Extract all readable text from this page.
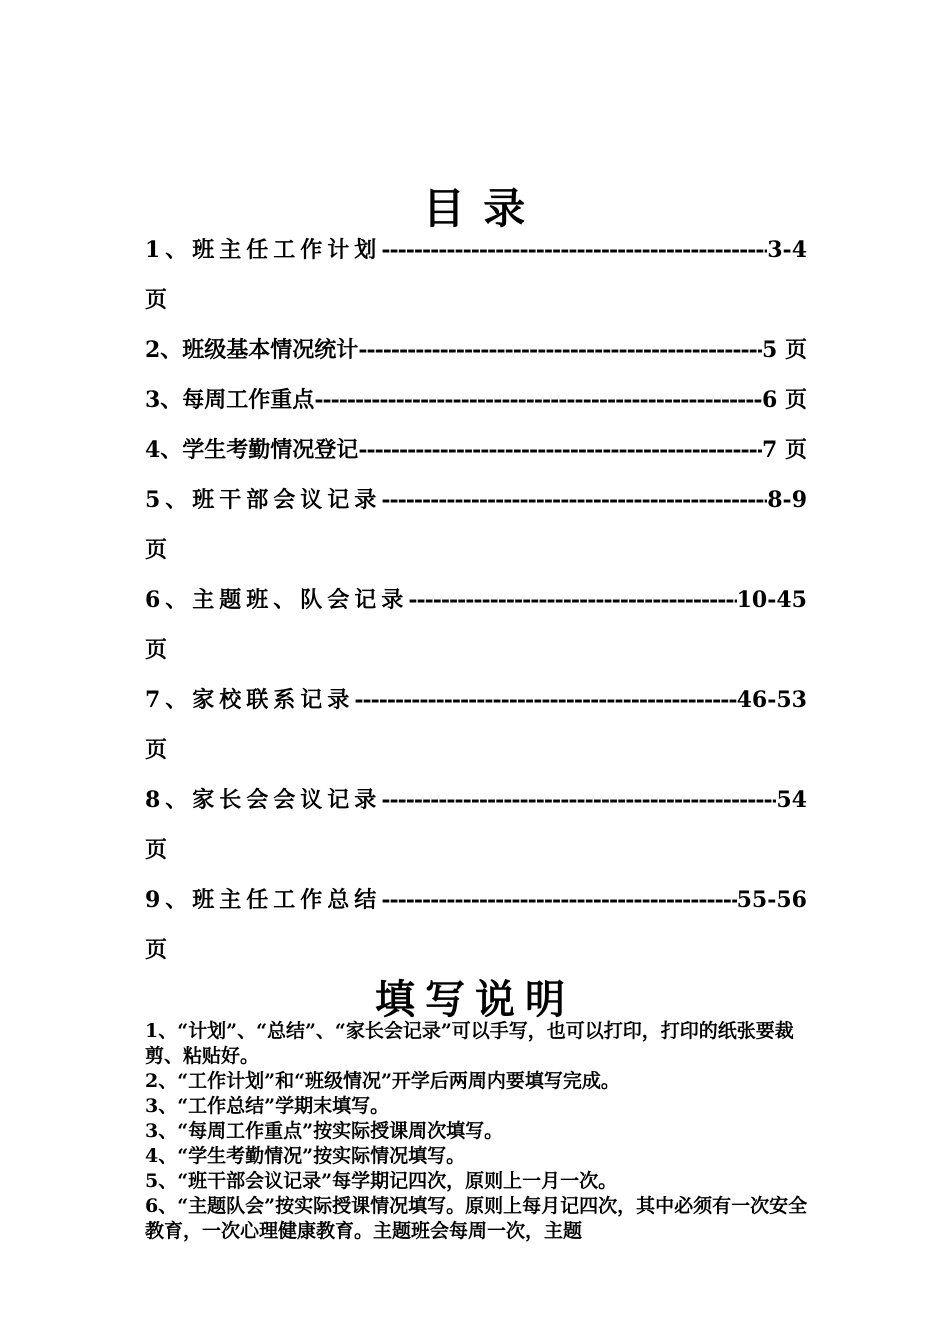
目 录
1、班主任工作计划 -----	3-4
页
2、班级基本情况统计 -----	5 页
3、每周工作重点 -----	6 页
4、学生考勤情况登记 -----	7 页
5、班干部会议记录 -----	8-9
页
6、主题班、队会记录 -----	10-45
页
7、家校联系记录 -----	46-53
页
8、家长会会议记录 -----	54
页
9、班主任工作总结 -----	55-56
页
填写说明
1、“计划”、“总结”、“家长会记录”可以手写，也可以打印，打印的纸张要裁剪、粘贴好。
2、“工作计划”和“班级情况”开学后两周内要填写完成。
3、“工作总结”学期末填写。
3、“每周工作重点”按实际授课周次填写。
4、“学生考勤情况”按实际情况填写。
5、“班干部会议记录”每学期记四次，原则上一月一次。
6、“主题队会”按实际授课情况填写。原则上每月记四次，其中必须有一次安全教育，一次心理健康教育。主题班会每周一次，主题
